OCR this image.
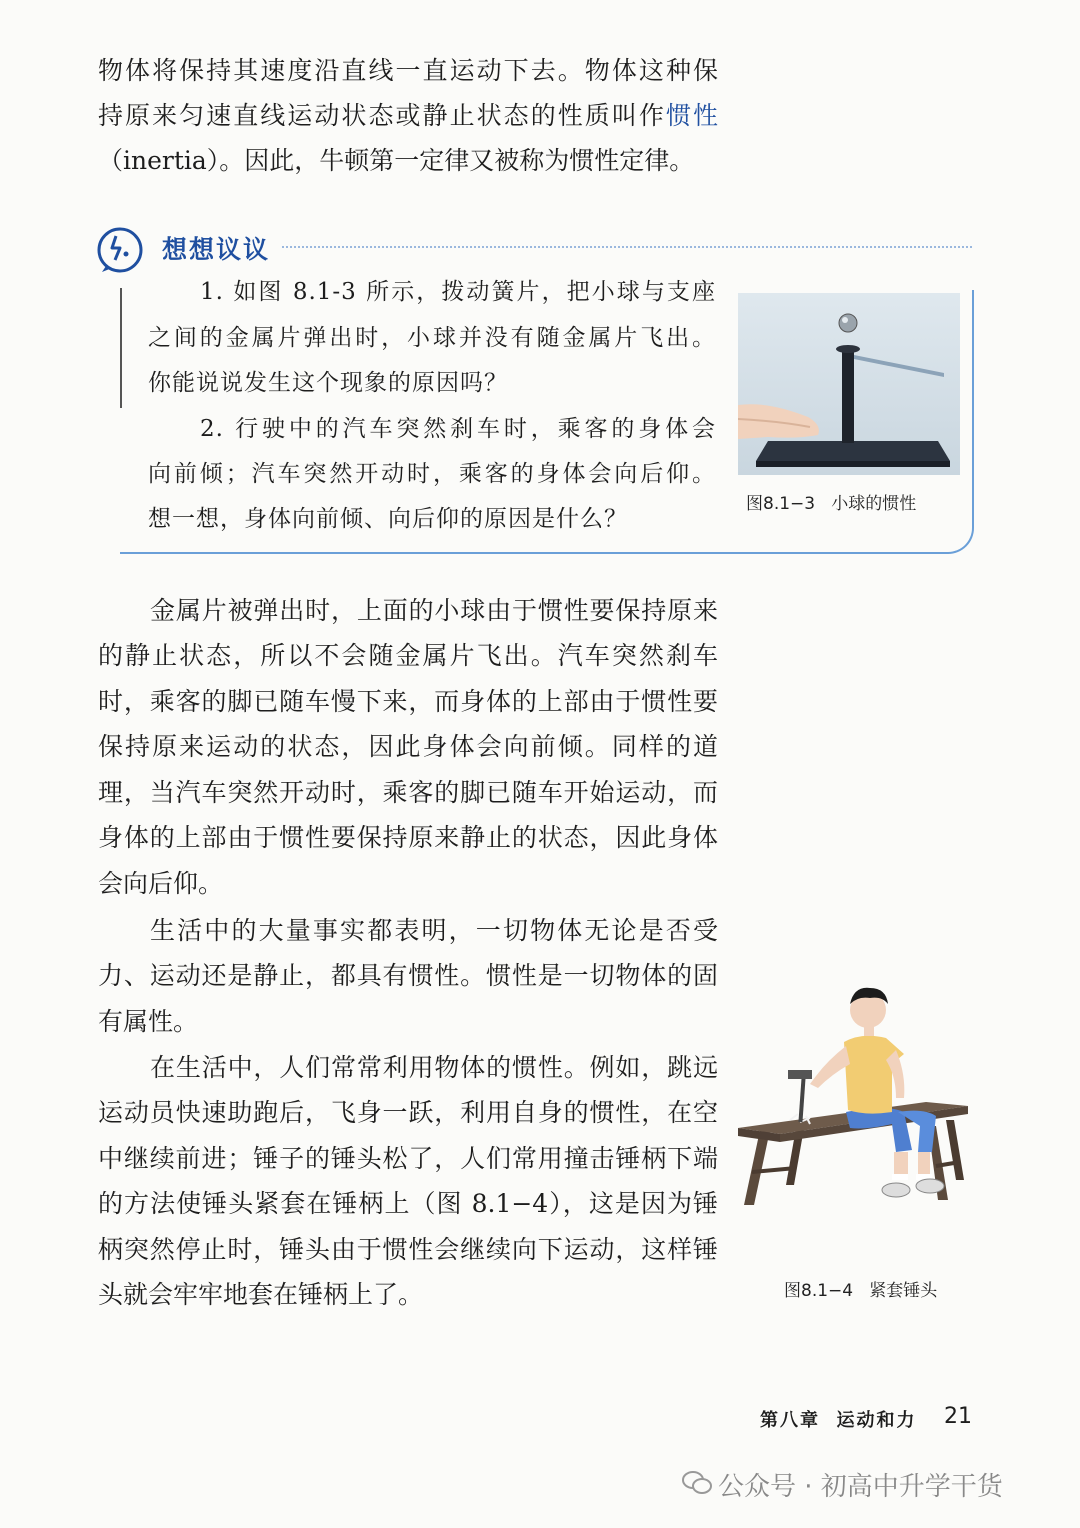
物体将保持其速度沿直线一直运动下去。物体这种保

持原来匀速直线运动状态或静止状态的性质叫作惯性

（inertia）。因此，牛顿第一定律又被称为惯性定律。

想想议议

1. 如图 8.1-3 所示，拨动簧片，把小球与支座

之间的金属片弹出时，小球并没有随金属片飞出。

你能说说发生这个现象的原因吗？

2. 行驶中的汽车突然刹车时，乘客的身体会

向前倾；汽车突然开动时，乘客的身体会向后仰。

想一想，身体向前倾、向后仰的原因是什么？

图8.1−3   小球的惯性

金属片被弹出时，上面的小球由于惯性要保持原来

的静止状态，所以不会随金属片飞出。汽车突然刹车

时，乘客的脚已随车慢下来，而身体的上部由于惯性要

保持原来运动的状态，因此身体会向前倾。同样的道

理，当汽车突然开动时，乘客的脚已随车开始运动，而

身体的上部由于惯性要保持原来静止的状态，因此身体

会向后仰。

生活中的大量事实都表明，一切物体无论是否受

力、运动还是静止，都具有惯性。惯性是一切物体的固

有属性。

在生活中，人们常常利用物体的惯性。例如，跳远

运动员快速助跑后，飞身一跃，利用自身的惯性，在空

中继续前进；锤子的锤头松了，人们常用撞击锤柄下端

的方法使锤头紧套在锤柄上（图 8.1−4），这是因为锤

柄突然停止时，锤头由于惯性会继续向下运动，这样锤

头就会牢牢地套在锤柄上了。	图8.1−4   紧套锤头
第八章  运动和力 21
公众号 · 初高中升学干货
